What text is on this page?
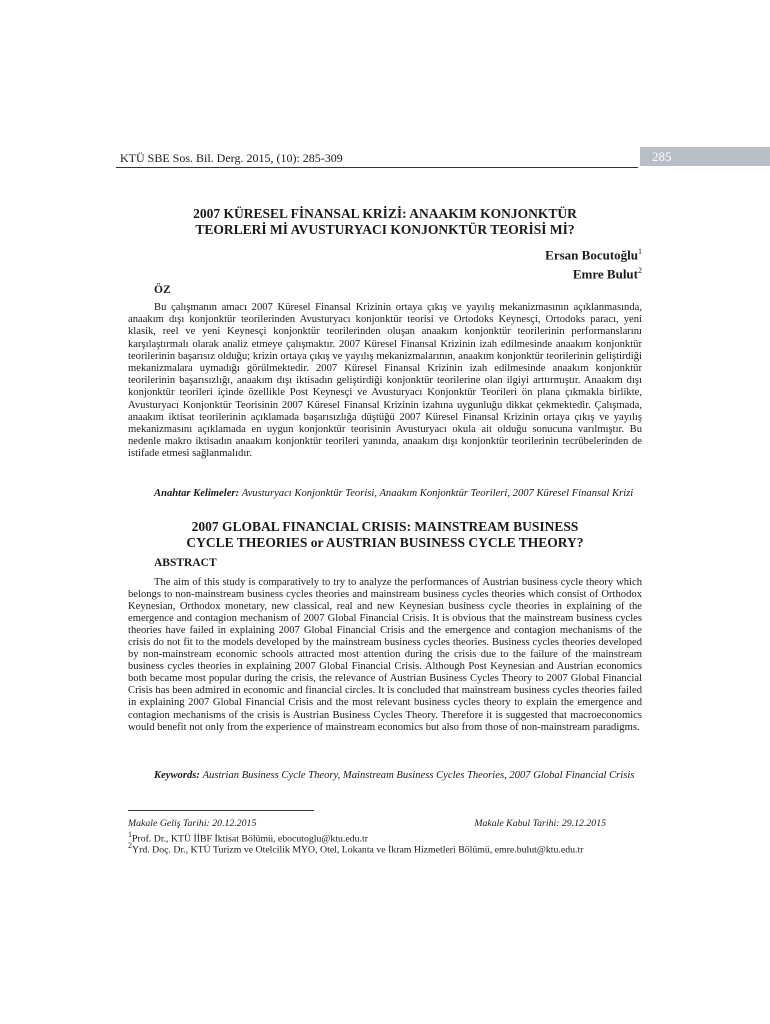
KTÜ SBE Sos. Bil. Derg. 2015, (10): 285-309	285
2007 KÜRESEL FİNANSAL KRİZİ: ANAAKIM KONJONKTÜR
TEORLERİ Mİ AVUSTURYACI KONJONKTÜR TEORİSİ Mİ?
Ersan Bocutoğlu$^1$
Emre Bulut$^2$
ÖZ
Bu çalışmanın amacı 2007 Küresel Finansal Krizinin ortaya çıkış ve yayılış mekanizmasının açıklanmasında, anaakım dışı konjonktür teorilerinden Avusturyacı konjonktür teorisi ve Ortodoks Keynesçi, Ortodoks paracı, yeni klasik, reel ve yeni Keynesçi konjonktür teorilerinden oluşan anaakım konjonktür teorilerinin performanslarını karşılaştırmalı olarak analiz etmeye çalışmaktır. 2007 Küresel Finansal Krizinin izah edilmesinde anaakım konjonktür teorilerinin başarısız olduğu; krizin ortaya çıkış ve yayılış mekanizmalarının, anaakım konjonktür teorilerinin geliştirdiği mekanizmalara uymadığı görülmektedir. 2007 Küresel Finansal Krizinin izah edilmesinde anaakım konjonktür teorilerinin başarısızlığı, anaakım dışı iktisadın geliştirdiği konjonktür teorilerine olan ilgiyi arttırmıştır. Anaakım dışı konjonktür teorileri içinde özellikle Post Keynesçi ve Avusturyacı Konjonktür Teorileri ön plana çıkmakla birlikte, Avusturyacı Konjonktür Teorisinin 2007 Küresel Finansal Krizinin izahına uygunluğu dikkat çekmektedir. Çalışmada, anaakım iktisat teorilerinin açıklamada başarısızlığa düştüğü 2007 Küresel Finansal Krizinin ortaya çıkış ve yayılış mekanizmasını açıklamada en uygun konjonktür teorisinin Avusturyacı okula ait olduğu sonucuna varılmıştır. Bu nedenle makro iktisadın anaakım konjonktür teorileri yanında, anaakım dışı konjonktür teorilerinin tecrübelerinden de istifade etmesi sağlanmalıdır.
Anahtar Kelimeler: Avusturyacı Konjonktür Teorisi, Anaakım Konjonktür Teorileri, 2007 Küresel Finansal Krizi
2007 GLOBAL FINANCIAL CRISIS: MAINSTREAM BUSINESS
CYCLE THEORIES or AUSTRIAN BUSINESS CYCLE THEORY?
ABSTRACT
The aim of this study is comparatively to try to analyze the performances of Austrian business cycle theory which belongs to non-mainstream business cycles theories and mainstream business cycles theories which consist of Orthodox Keynesian, Orthodox monetary, new classical, real and new Keynesian business cycle theories in explaining of the emergence and contagion mechanism of 2007 Global Financial Crisis. It is obvious that the mainstream business cycles theories have failed in explaining 2007 Global Financial Crisis and the emergence and contagion mechanisms of the crisis do not fit to the models developed by the mainstream business cycles theories. Business cycles theories developed by non-mainstream economic schools attracted most attention during the crisis due to the failure of the mainstream business cycles theories in explaining 2007 Global Financial Crisis. Although Post Keynesian and Austrian economics both became most popular during the crisis, the relevance of Austrian Business Cycles Theory to 2007 Global Financial Crisis has been admired in economic and financial circles. It is concluded that mainstream business cycles theories failed in explaining 2007 Global Financial Crisis and the most relevant business cycles theory to explain the emergence and contagion mechanisms of the crisis is Austrian Business Cycles Theory. Therefore it is suggested that macroeconomics would benefit not only from the experience of mainstream economics but also from those of non-mainstream paradigms.
Keywords: Austrian Business Cycle Theory, Mainstream Business Cycles Theories, 2007 Global Financial Crisis
Makale Geliş Tarihi: 20.12.2015	Makale Kabul Tarihi: 29.12.2015
$^1$Prof. Dr., KTÜ İİBF İktisat Bölümü, ebocutoglu@ktu.edu.tr
$^2$Yrd. Doç. Dr., KTÜ Turizm ve Otelcilik MYO, Otel, Lokanta ve İkram Hizmetleri Bölümü, emre.bulut@ktu.edu.tr
